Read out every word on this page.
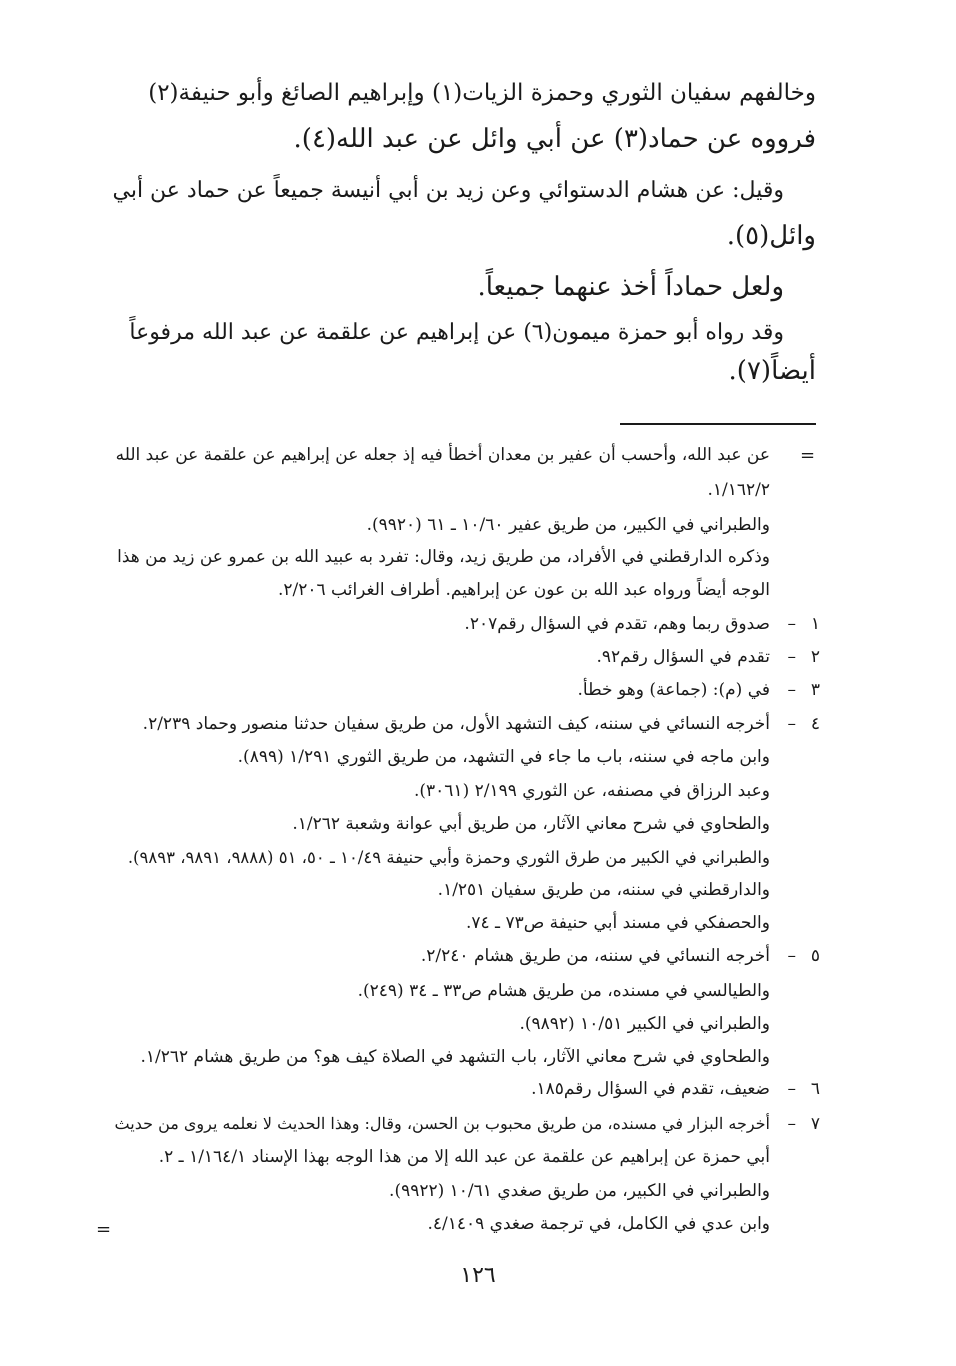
وخالفهم سفيان الثوري وحمزة الزيات(١) وإبراهيم الصائغ وأبو حنيفة(٢)

فرووه عن حماد(٣) عن أبي وائل عن عبد الله(٤).

وقيل: عن هشام الدستوائي وعن زيد بن أبي أنيسة جميعاً عن حماد عن أبي

وائل(٥).

ولعل حماداً أخذ عنهما جميعاً.

وقد رواه أبو حمزة ميمون(٦) عن إبراهيم عن علقمة عن عبد الله مرفوعاً

أيضاً(٧).

=
=

عن عبد الله، وأحسب أن عفير بن معدان أخطأ فيه إذ جعله عن إبراهيم عن علقمة عن عبد الله

١/١٦٢/٢.

والطبراني في الكبير، من طريق عفير ١٠/٦٠ ـ ٦١ (٩٩٢٠).

وذكره الدارقطني في الأفراد، من طريق زيد، وقال: تفرد به عبيد الله بن عمرو عن زيد من هذا

الوجه أيضاً ورواه عبد الله بن عون عن إبراهيم. أطراف الغرائب ٢/٢٠٦.

١
–

صدوق ربما وهم، تقدم في السؤال رقم٢٠٧.

٢
–

تقدم في السؤال رقم٩٢.

٣
–

في (م): (جماعة) وهو خطأ.

٤
–

أخرجه النسائي في سننه، كيف التشهد الأول، من طريق سفيان حدثنا منصور وحماد ٢/٢٣٩.

وابن ماجه في سننه، باب ما جاء في التشهد، من طريق الثوري ١/٢٩١ (٨٩٩).

وعبد الرزاق في مصنفه، عن الثوري ٢/١٩٩ (٣٠٦١).

والطحاوي في شرح معاني الآثار، من طريق أبي عوانة وشعبة ١/٢٦٢.

والطبراني في الكبير من طرق الثوري وحمزة وأبي حنيفة ١٠/٤٩ ـ ٥٠، ٥١ (٩٨٨٨، ٩٨٩١، ٩٨٩٣).

والدارقطني في سننه، من طريق سفيان ١/٢٥١.

والحصفكي في مسند أبي حنيفة ص٧٣ ـ ٧٤.

٥
–

أخرجه النسائي في سننه، من طريق هشام ٢/٢٤٠.

والطيالسي في مسنده، من طريق هشام ص٣٣ ـ ٣٤ (٢٤٩).

والطبراني في الكبير ١٠/٥١ (٩٨٩٢).

والطحاوي في شرح معاني الآثار، باب التشهد في الصلاة كيف هو؟ من طريق هشام ١/٢٦٢.

٦
–

ضعيف، تقدم في السؤال رقم١٨٥.

٧
–

أخرجه البزار في مسنده، من طريق محبوب بن الحسن، وقال: وهذا الحديث لا نعلمه يروى من حديث

أبي حمزة عن إبراهيم عن علقمة عن عبد الله إلا من هذا الوجه بهذا الإسناد ١/١٦٤/١ ـ ٢.

والطبراني في الكبير، من طريق صغدي ١٠/٦١ (٩٩٢٢).

وابن عدي في الكامل، في ترجمة صغدي ٤/١٤٠٩.

١٢٦
